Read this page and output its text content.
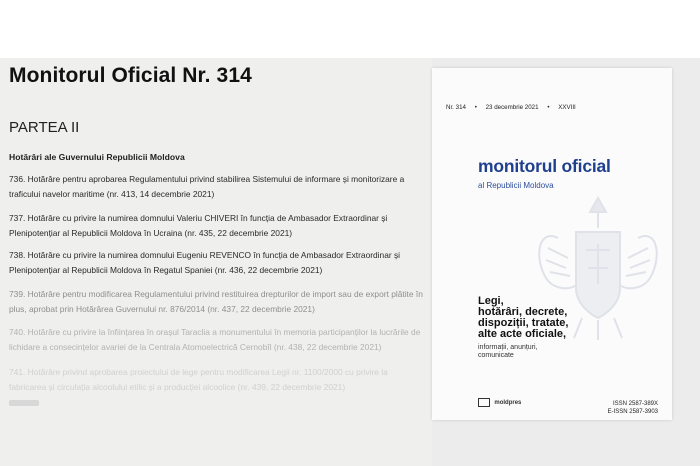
Monitorul Oficial Nr. 314
PARTEA II
Hotărâri ale Guvernului Republicii Moldova

736. Hotărâre pentru aprobarea Regulamentului privind stabilirea Sistemului de informare și monitorizare a traficului navelor maritime (nr. 413, 14 decembrie 2021)

737. Hotărâre cu privire la numirea domnului Valeriu CHIVERI în funcția de Ambasador Extraordinar și Plenipotențiar al Republicii Moldova în Ucraina (nr. 435, 22 decembrie 2021)

738. Hotărâre cu privire la numirea domnului Eugeniu REVENCO în funcția de Ambasador Extraordinar și Plenipotențiar al Republicii Moldova în Regatul Spaniei (nr. 436, 22 decembrie 2021)

739. Hotărâre pentru modificarea Regulamentului privind restituirea drepturilor de import sau de export plătite în plus, aprobat prin Hotărârea Guvernului nr. 876/2014 (nr. 437, 22 decembrie 2021)

740. Hotărâre cu privire la înființarea în orașul Taraclia a monumentului în memoria participanților la lucrările de lichidare a consecințelor avariei de la Centrala Atomoelectrică Cernobîl (nr. 438, 22 decembrie 2021)

741. Hotărâre privind aprobarea proiectului de lege pentru modificarea Legii nr. 1100/2000 cu privire la fabricarea și circulația alcoolului etilic și a producției alcoolice (nr. 439, 22 decembrie 2021)

Nr. 314 • 23 decembrie 2021 • XXVIII
monitorul oficial
al Republicii Moldova
Legi,
hotărâri, decrete,
dispoziții, tratate,
alte acte oficiale,
informații, anunțuri,
comunicate
moldpres	ISSN 2587-389X
E-ISSN 2587-3903
